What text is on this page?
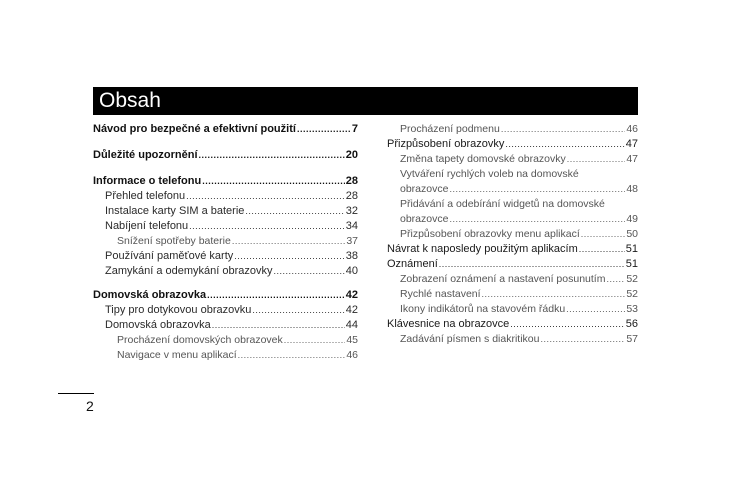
Obsah
Návod pro bezpečné a efektivní použití .....	7
Důležité upozornění .....	20
Informace o telefonu .....	28
Přehled telefonu .....	28
Instalace karty SIM a baterie .....	32
Nabíjení telefonu .....	34
Snížení spotřeby baterie .....	37
Používání paměťové karty .....	38
Zamykání a odemykání obrazovky .....	40
Domovská obrazovka .....	42
Tipy pro dotykovou obrazovku .....	42
Domovská obrazovka .....	44
Procházení domovských obrazovek .....	45
Navigace v menu aplikací .....	46
Procházení podmenu .....	46
Přizpůsobení obrazovky .....	47
Změna tapety domovské obrazovky .....	47
Vytváření rychlých voleb na domovské
obrazovce .....	48
Přidávání a odebírání widgetů na domovské
obrazovce .....	49
Přizpůsobení obrazovky menu aplikací .....	50
Návrat k naposledy použitým aplikacím .....	51
Oznámení .....	51
Zobrazení oznámení a nastavení posunutím ..... 52
Rychlé nastavení .....	52
Ikony indikátorů na stavovém řádku .....	53
Klávesnice na obrazovce .....	56
Zadávání písmen s diakritikou .....	57
2
